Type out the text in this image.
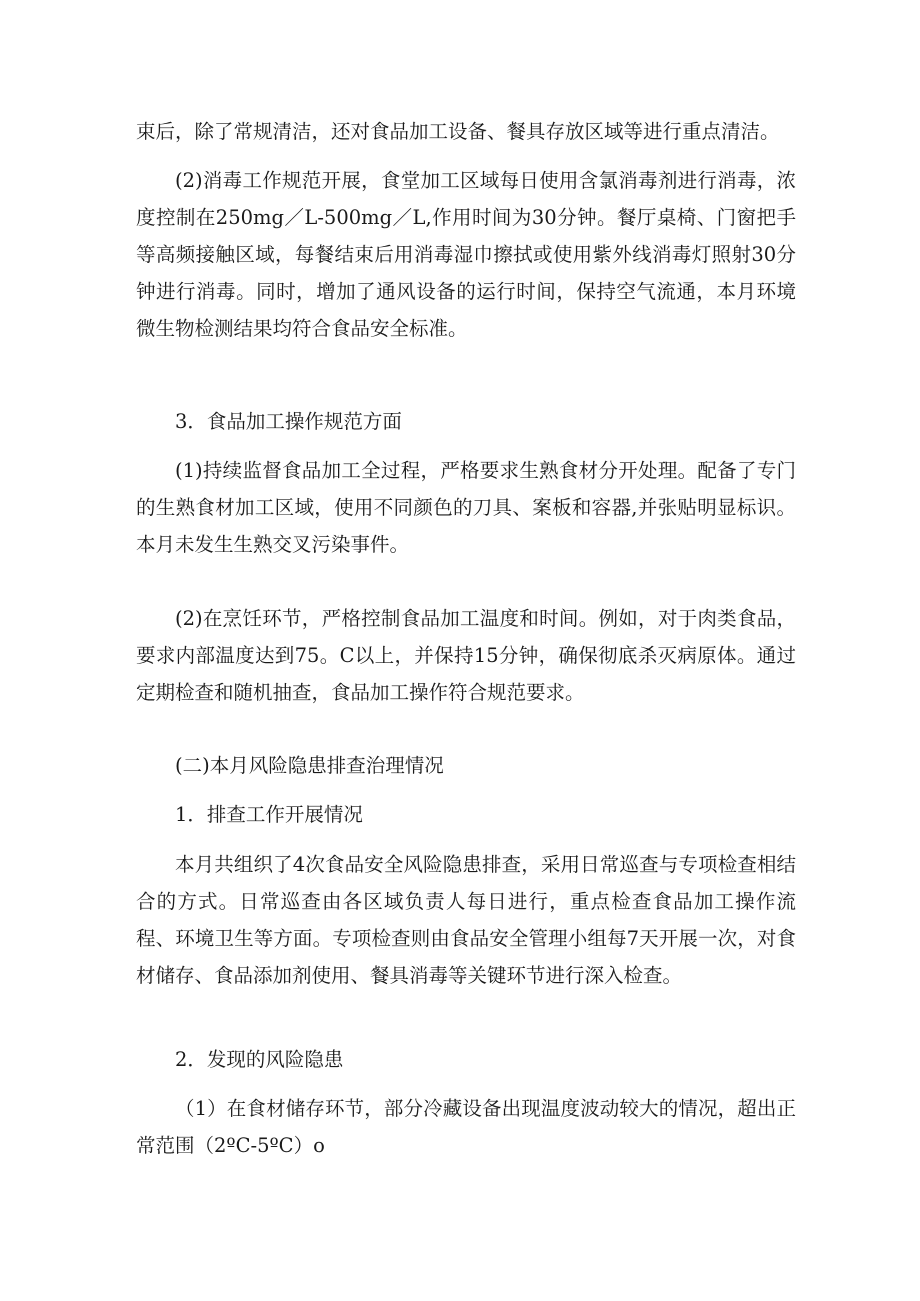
束后，除了常规清洁，还对食品加工设备、餐具存放区域等进行重点清洁。

(2)消毒工作规范开展，食堂加工区域每日使用含氯消毒剂进行消毒，浓度控制在250mg／L-500mg／L,作用时间为30分钟。餐厅桌椅、门窗把手等高频接触区域，每餐结束后用消毒湿巾擦拭或使用紫外线消毒灯照射30分钟进行消毒。同时，增加了通风设备的运行时间，保持空气流通，本月环境微生物检测结果均符合食品安全标准。

3．食品加工操作规范方面

(1)持续监督食品加工全过程，严格要求生熟食材分开处理。配备了专门的生熟食材加工区域，使用不同颜色的刀具、案板和容器,并张贴明显标识。本月未发生生熟交叉污染事件。

(2)在烹饪环节，严格控制食品加工温度和时间。例如，对于肉类食品，要求内部温度达到75。C以上，并保持15分钟，确保彻底杀灭病原体。通过定期检查和随机抽查，食品加工操作符合规范要求。

(二)本月风险隐患排查治理情况

1．排查工作开展情况

本月共组织了4次食品安全风险隐患排查，采用日常巡查与专项检查相结合的方式。日常巡查由各区域负责人每日进行，重点检查食品加工操作流程、环境卫生等方面。专项检查则由食品安全管理小组每7天开展一次，对食材储存、食品添加剂使用、餐具消毒等关键环节进行深入检查。

2．发现的风险隐患

（1）在食材储存环节，部分冷藏设备出现温度波动较大的情况，超出正常范围（2ºC-5ºC）o
